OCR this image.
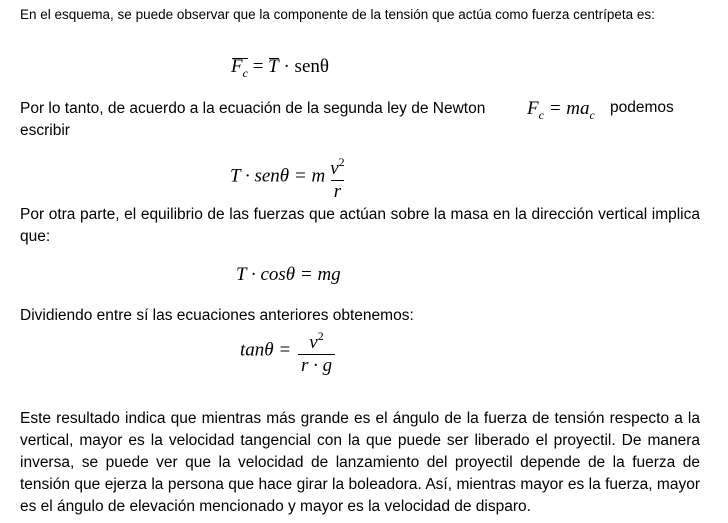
En el esquema, se puede observar que la componente de la tensión que actúa como fuerza centrípeta es:
$F_c = T \cdot sen\theta$
Por lo tanto, de acuerdo a la ecuación de la segunda ley de Newton	$F_c = ma_c$ podemos
escribir
T · senθ = m $\frac{v^2}{r}$
Por otra parte, el equilibrio de las fuerzas que actúan sobre la masa en la dirección vertical implica que:
T · cosθ = mg
Dividiendo entre sí las ecuaciones anteriores obtenemos:
$\tan\theta = \frac{v^2}{r \cdot g}$
Este resultado indica que mientras más grande es el ángulo de la fuerza de tensión respecto a la vertical, mayor es la velocidad tangencial con la que puede ser liberado el proyectil. De manera inversa, se puede ver que la velocidad de lanzamiento del proyectil depende de la fuerza de tensión que ejerza la persona que hace girar la boleadora. Así, mientras mayor es la fuerza, mayor es el ángulo de elevación mencionado y mayor es la velocidad de disparo.
